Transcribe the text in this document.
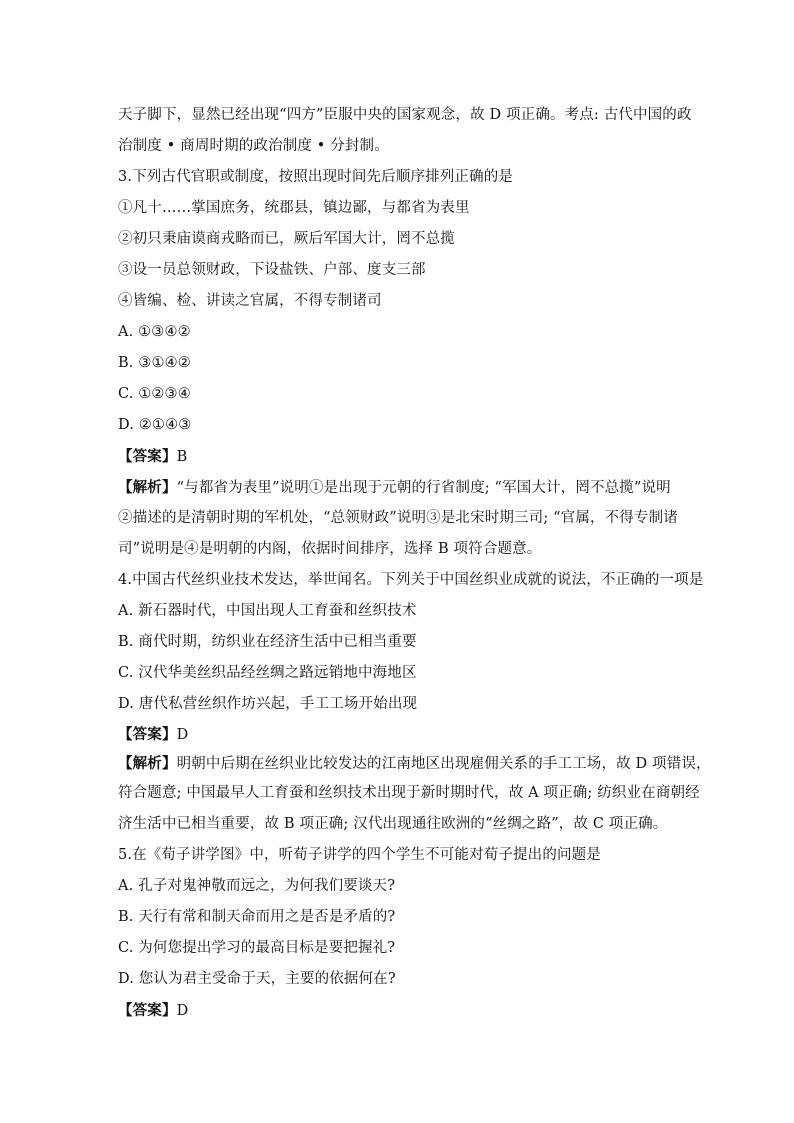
天子脚下，显然已经出现“四方”臣服中央的国家观念，故 D 项正确。考点: 古代中国的政
治制度 • 商周时期的政治制度 • 分封制。
3.下列古代官职或制度，按照出现时间先后顺序排列正确的是
①凡十……掌国庶务，统郡县，镇边鄙，与都省为表里
②初只秉庙谟商戎略而已，厥后军国大计，罔不总揽
③设一员总领财政，下设盐铁、户部、度支三部
④皆编、检、讲读之官属，不得专制诸司
A. ①③④②
B. ③①④②
C. ①②③④
D. ②①④③
【答案】B
【解析】“与都省为表里”说明①是出现于元朝的行省制度; “军国大计，罔不总揽”说明
②描述的是清朝时期的军机处，“总领财政”说明③是北宋时期三司; “官属，不得专制诸
司”说明是④是明朝的内阁，依据时间排序，选择 B 项符合题意。
4.中国古代丝织业技术发达，举世闻名。下列关于中国丝织业成就的说法，不正确的一项是
A. 新石器时代，中国出现人工育蚕和丝织技术
B. 商代时期，纺织业在经济生活中已相当重要
C. 汉代华美丝织品经丝绸之路远销地中海地区
D. 唐代私营丝织作坊兴起，手工工场开始出现
【答案】D
【解析】明朝中后期在丝织业比较发达的江南地区出现雇佣关系的手工工场，故 D 项错误，
符合题意; 中国最早人工育蚕和丝织技术出现于新时期时代，故 A 项正确; 纺织业在商朝经
济生活中已相当重要，故 B 项正确; 汉代出现通往欧洲的“丝绸之路”，故 C 项正确。
5.在《荀子讲学图》中，听荀子讲学的四个学生不可能对荀子提出的问题是
A. 孔子对鬼神敬而远之，为何我们要谈天?
B. 天行有常和制天命而用之是否是矛盾的?
C. 为何您提出学习的最高目标是要把握礼?
D. 您认为君主受命于天，主要的依据何在?
【答案】D
